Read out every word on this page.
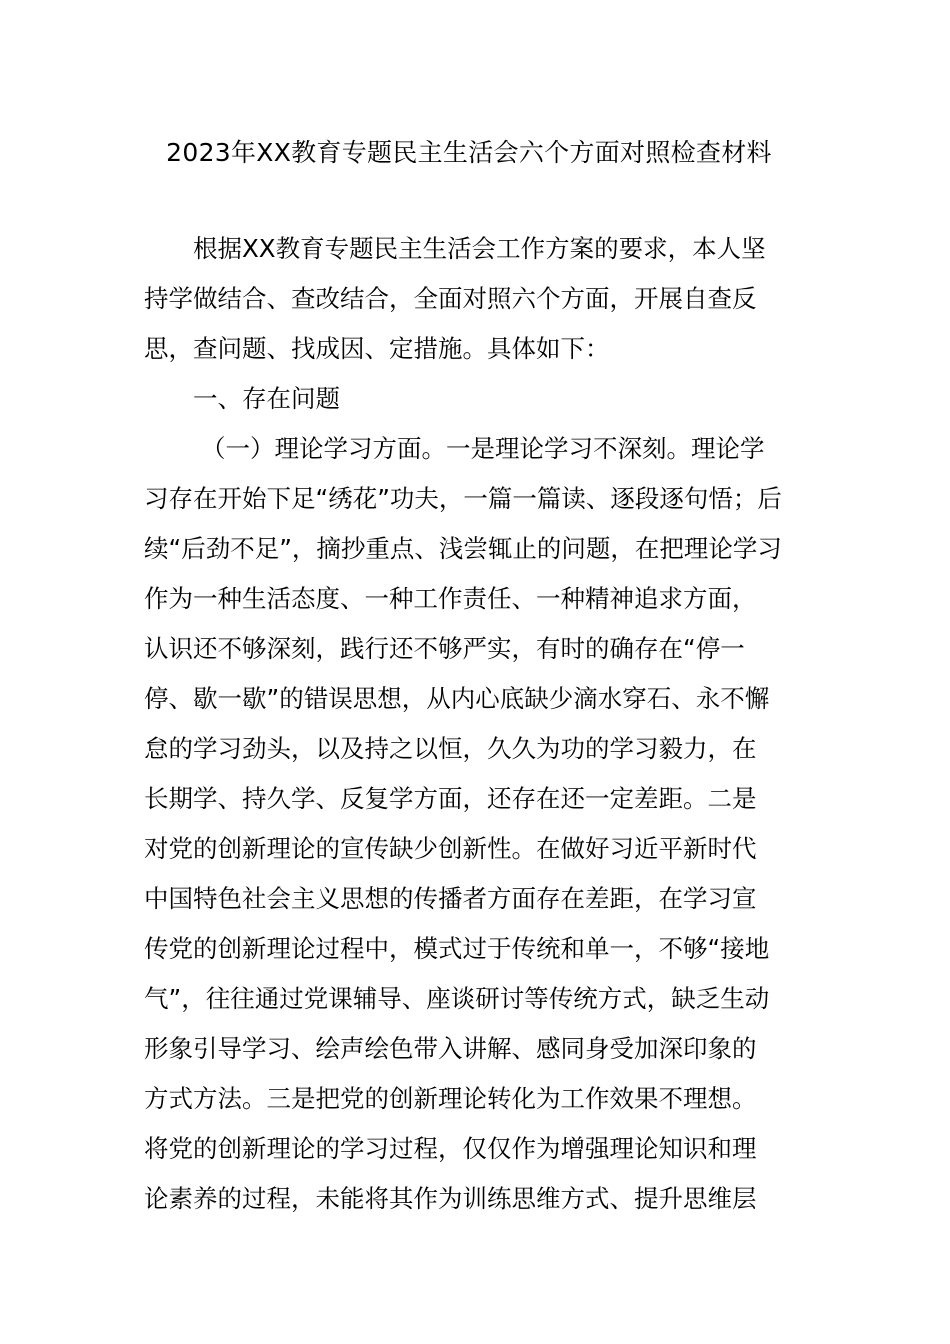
2023年XX教育专题民主生活会六个方面对照检查材料
根据XX教育专题民主生活会工作方案的要求，本人坚
持学做结合、查改结合，全面对照六个方面，开展自查反
思，查问题、找成因、定措施。具体如下：
一、存在问题
（一）理论学习方面。一是理论学习不深刻。理论学
习存在开始下足“绣花”功夫，一篇一篇读、逐段逐句悟；后
续“后劲不足”，摘抄重点、浅尝辄止的问题，在把理论学习
作为一种生活态度、一种工作责任、一种精神追求方面，
认识还不够深刻，践行还不够严实，有时的确存在“停一
停、歇一歇”的错误思想，从内心底缺少滴水穿石、永不懈
怠的学习劲头，以及持之以恒，久久为功的学习毅力，在
长期学、持久学、反复学方面，还存在还一定差距。二是
对党的创新理论的宣传缺少创新性。在做好习近平新时代
中国特色社会主义思想的传播者方面存在差距，在学习宣
传党的创新理论过程中，模式过于传统和单一，不够“接地
气”，往往通过党课辅导、座谈研讨等传统方式，缺乏生动
形象引导学习、绘声绘色带入讲解、感同身受加深印象的
方式方法。三是把党的创新理论转化为工作效果不理想。
将党的创新理论的学习过程，仅仅作为增强理论知识和理
论素养的过程，未能将其作为训练思维方式、提升思维层
